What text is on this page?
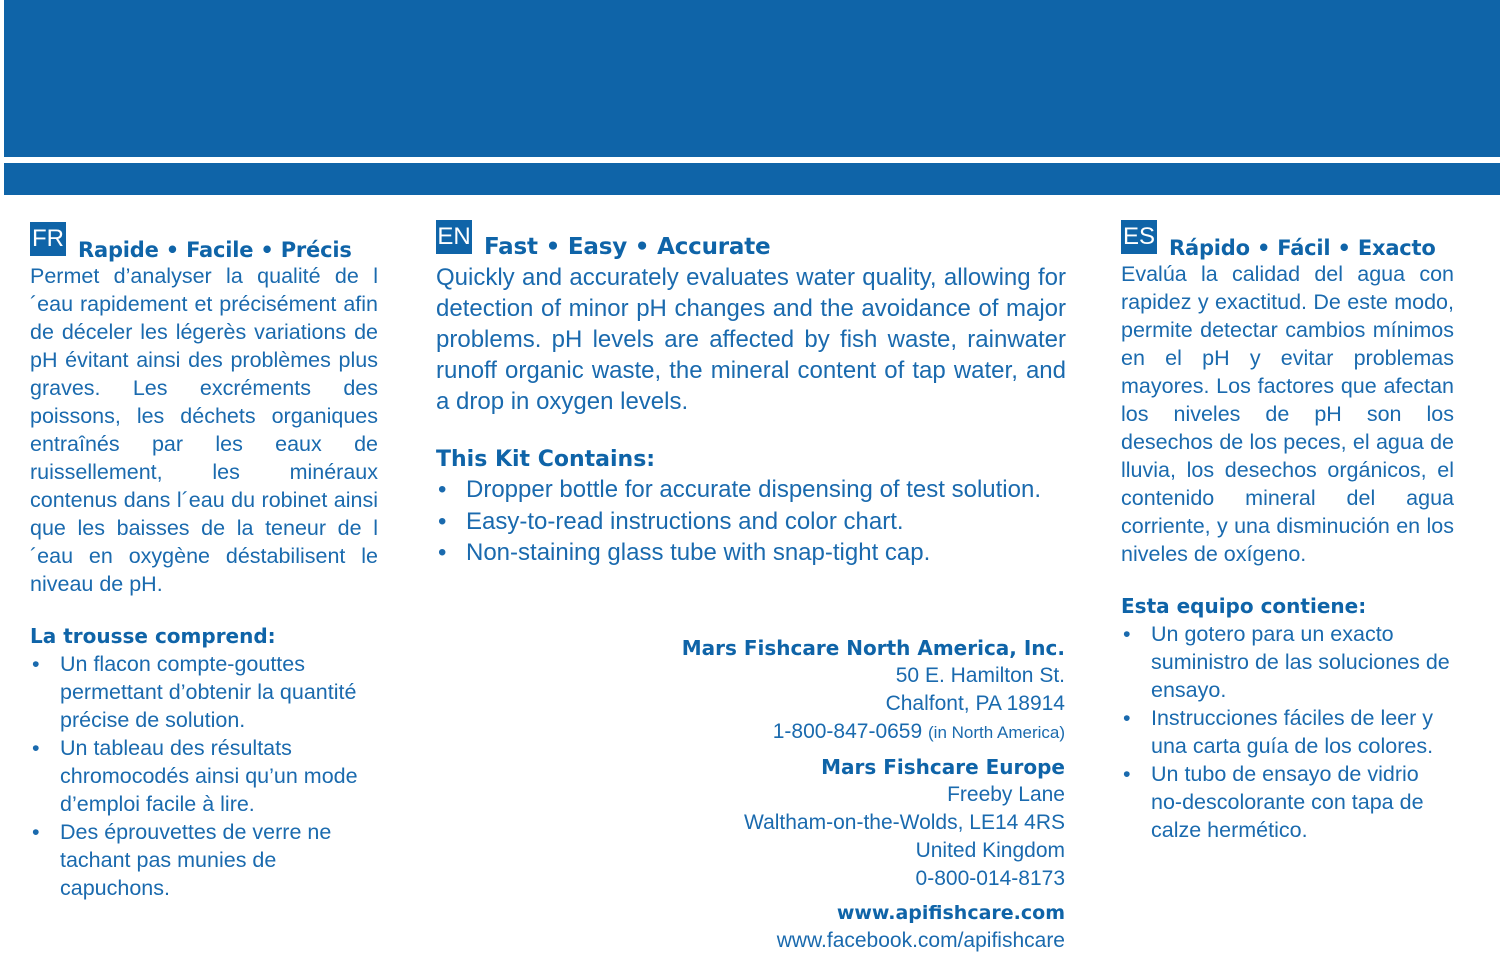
FR Rapide • Facile • Précis

Permet d’analyser la qualité de l´eau rapidement et précisément afin de déceler les légerès variations de pH évitant ainsi des problèmes plus graves. Les excréments des poissons, les déchets organiques entraînés par les eaux de ruissellement, les minéraux contenus dans l´eau du robinet ainsi que les baisses de la teneur de l´eau en oxygène déstabilisent le niveau de pH.

La trousse comprend:
• Un flacon compte-gouttes permettant d’obtenir la quantité précise de solution.
• Un tableau des résultats chromocodés ainsi qu’un mode d’emploi facile à lire.
• Des éprouvettes de verre ne tachant pas munies de capuchons.
EN Fast • Easy • Accurate

Quickly and accurately evaluates water quality, allowing for detection of minor pH changes and the avoidance of major problems. pH levels are affected by fish waste, rainwater runoff organic waste, the mineral content of tap water, and a drop in oxygen levels.

This Kit Contains:
• Dropper bottle for accurate dispensing of test solution.
• Easy-to-read instructions and color chart.
• Non-staining glass tube with snap-tight cap.
Mars Fishcare North America, Inc.
50 E. Hamilton St.
Chalfont, PA 18914
1-800-847-0659 (in North America)
Mars Fishcare Europe
Freeby Lane
Waltham-on-the-Wolds, LE14 4RS
United Kingdom
0-800-014-8173
www.apifishcare.com
www.facebook.com/apifishcare
ES Rápido • Fácil • Exacto

Evalúa la calidad del agua con rapidez y exactitud. De este modo, permite detectar cambios mínimos en el pH y evitar problemas mayores. Los factores que afectan los niveles de pH son los desechos de los peces, el agua de lluvia, los desechos orgánicos, el contenido mineral del agua corriente, y una disminución en los niveles de oxígeno.

Esta equipo contiene:
• Un gotero para un exacto suministro de las soluciones de ensayo.
• Instrucciones fáciles de leer y una carta guía de los colores.
• Un tubo de ensayo de vidrio no-descolorante con tapa de calze hermético.
